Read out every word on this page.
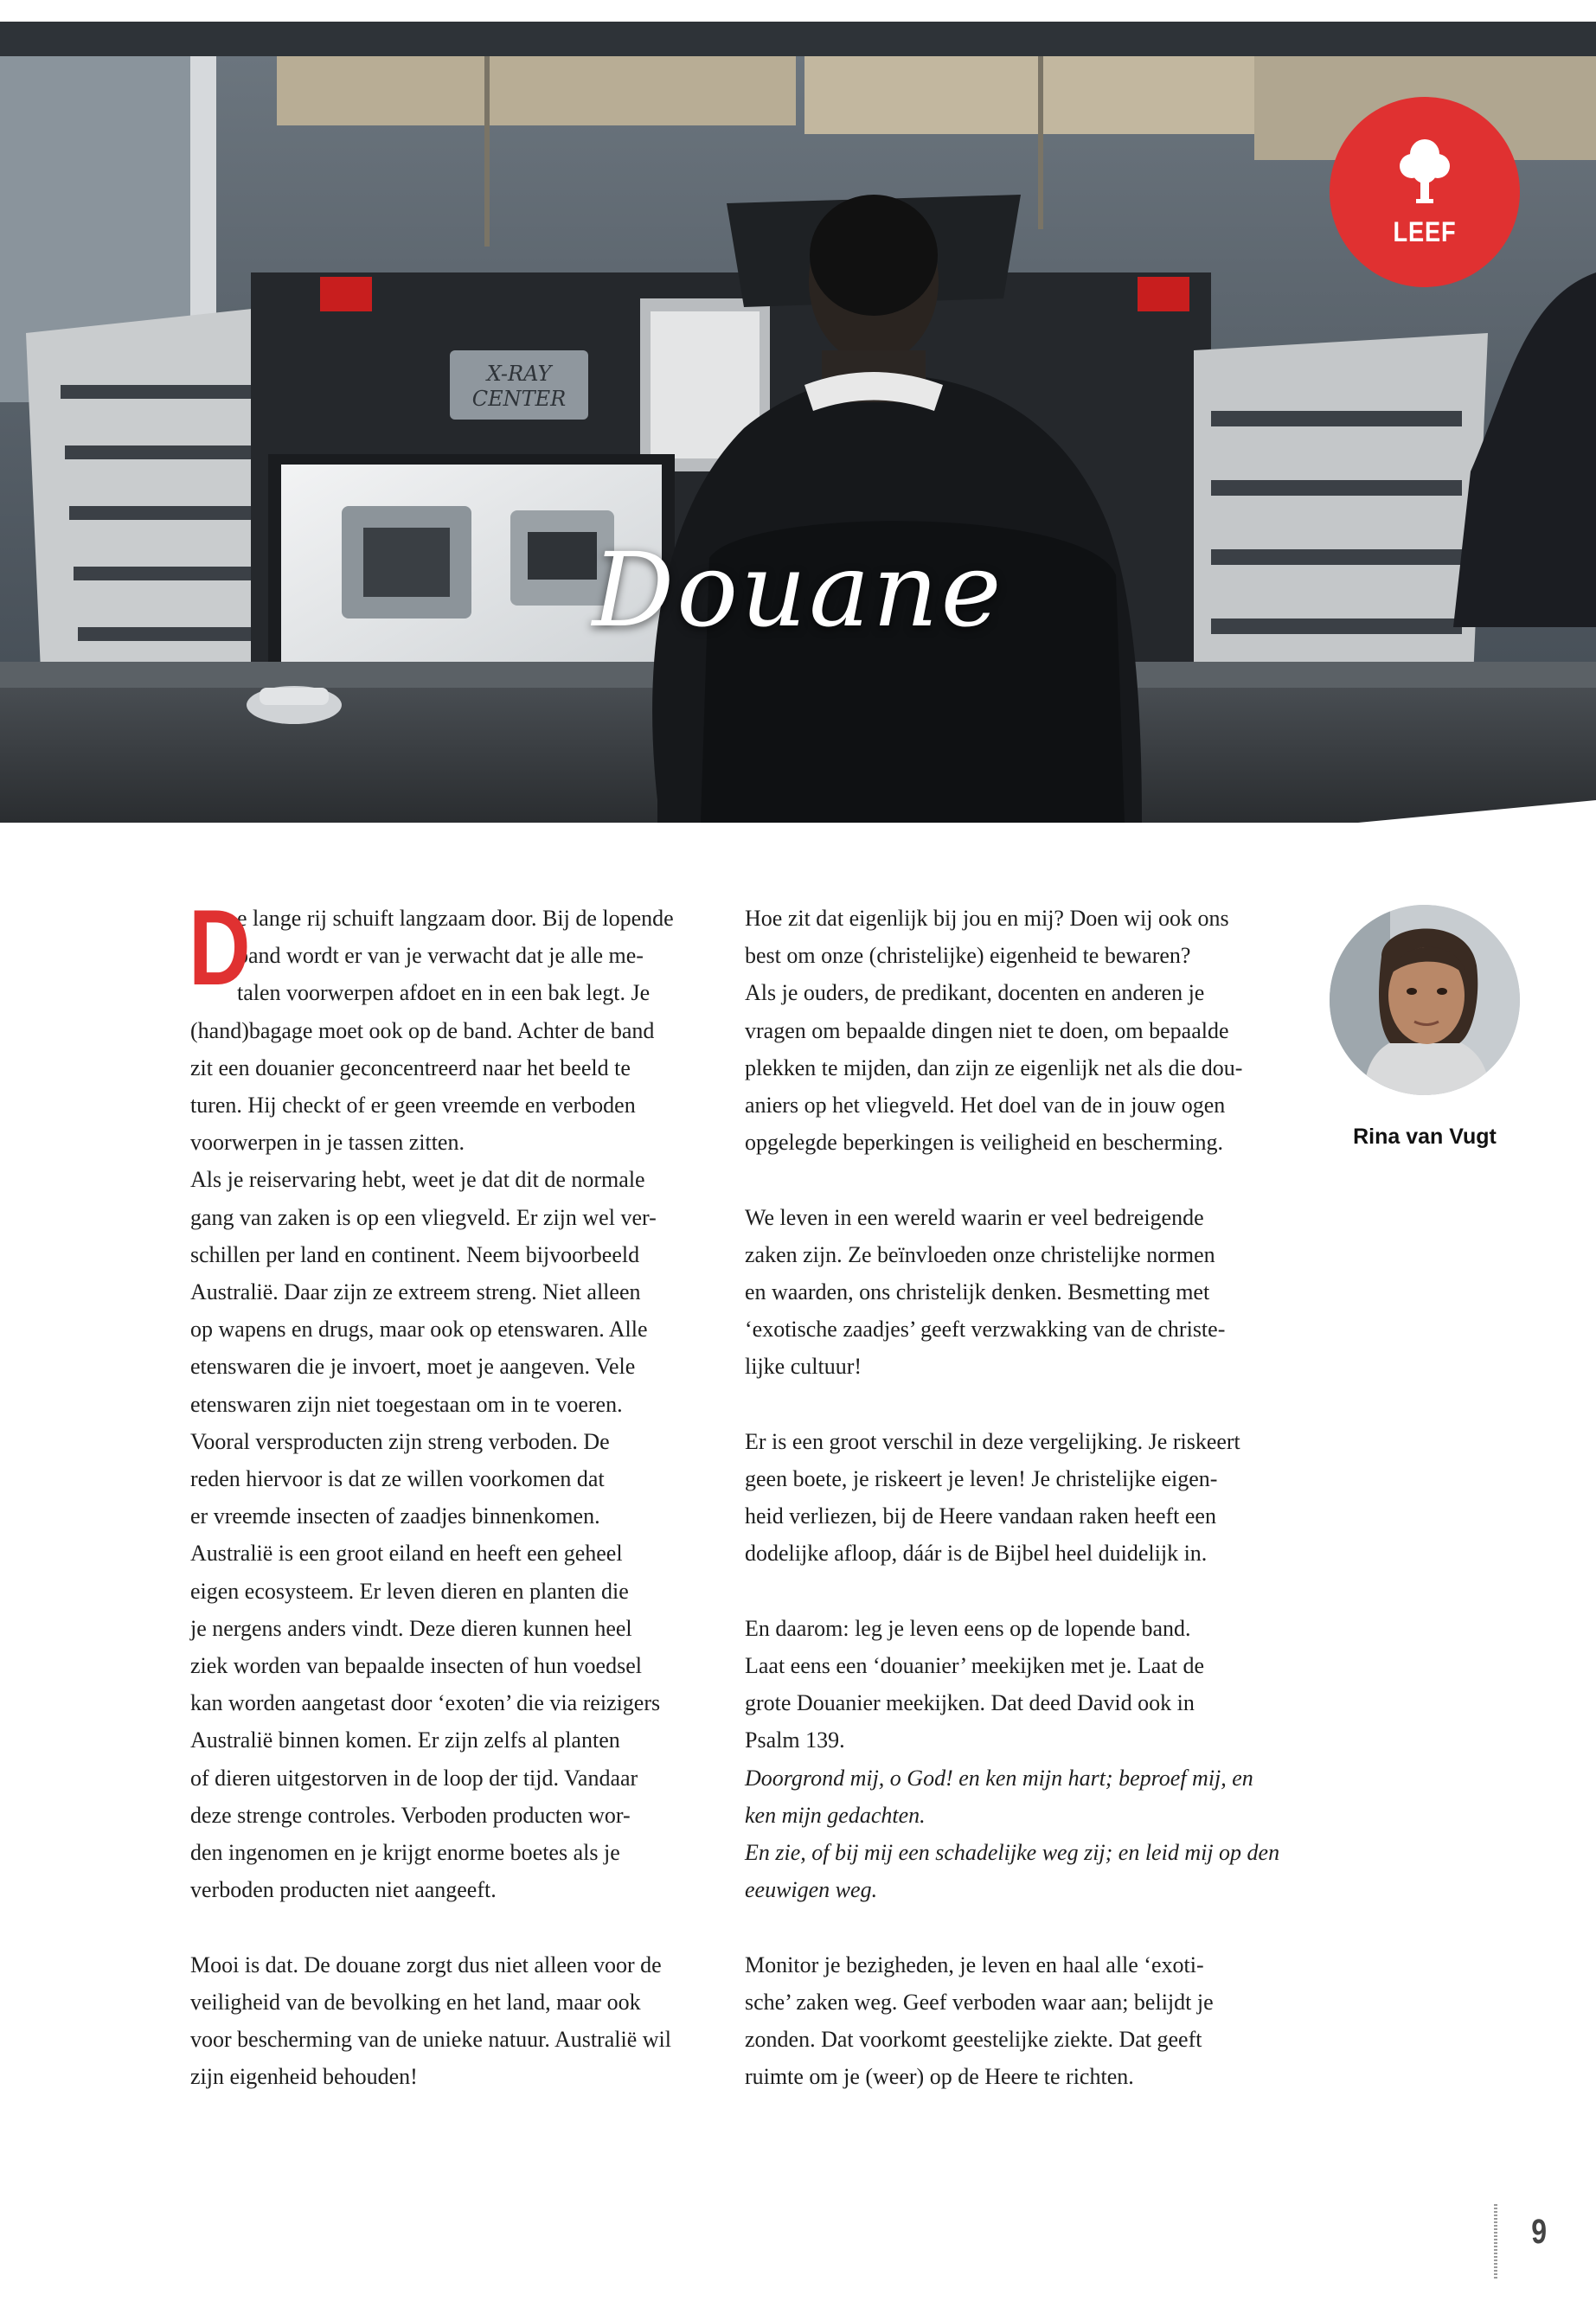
X-RAY
CENTER
Douane
LEEF
D

e lange rij schuift langzaam door. Bij de lopende
band wordt er van je verwacht dat je alle me-
talen voorwerpen afdoet en in een bak legt. Je
(hand)bagage moet ook op de band. Achter de band
zit een douanier geconcentreerd naar het beeld te
turen. Hij checkt of er geen vreemde en verboden
voorwerpen in je tassen zitten.

Als je reiservaring hebt, weet je dat dit de normale
gang van zaken is op een vliegveld. Er zijn wel ver-
schillen per land en continent. Neem bijvoorbeeld
Australië. Daar zijn ze extreem streng. Niet alleen
op wapens en drugs, maar ook op etenswaren. Alle
etenswaren die je invoert, moet je aangeven. Vele
etenswaren zijn niet toegestaan om in te voeren.
Vooral versproducten zijn streng verboden. De
reden hiervoor is dat ze willen voorkomen dat
er vreemde insecten of zaadjes binnenkomen.
Australië is een groot eiland en heeft een geheel
eigen ecosysteem. Er leven dieren en planten die
je nergens anders vindt. Deze dieren kunnen heel
ziek worden van bepaalde insecten of hun voedsel
kan worden aangetast door ‘exoten’ die via reizigers
Australië binnen komen. Er zijn zelfs al planten
of dieren uitgestorven in de loop der tijd. Vandaar
deze strenge controles. Verboden producten wor-
den ingenomen en je krijgt enorme boetes als je
verboden producten niet aangeeft.

Mooi is dat. De douane zorgt dus niet alleen voor de
veiligheid van de bevolking en het land, maar ook
voor bescherming van de unieke natuur. Australië wil
zijn eigenheid behouden!

Hoe zit dat eigenlijk bij jou en mij? Doen wij ook ons
best om onze (christelijke) eigenheid te bewaren?

Als je ouders, de predikant, docenten en anderen je
vragen om bepaalde dingen niet te doen, om bepaalde
plekken te mijden, dan zijn ze eigenlijk net als die dou-
aniers op het vliegveld. Het doel van de in jouw ogen
opgelegde beperkingen is veiligheid en bescherming.

We leven in een wereld waarin er veel bedreigende
zaken zijn. Ze beïnvloeden onze christelijke normen
en waarden, ons christelijk denken. Besmetting met
‘exotische zaadjes’ geeft verzwakking van de christe-
lijke cultuur!

Er is een groot verschil in deze vergelijking. Je riskeert
geen boete, je riskeert je leven! Je christelijke eigen-
heid verliezen, bij de Heere vandaan raken heeft een
dodelijke afloop, dáár is de Bijbel heel duidelijk in.

En daarom: leg je leven eens op de lopende band.
Laat eens een ‘douanier’ meekijken met je. Laat de
grote Douanier meekijken. Dat deed David ook in
Psalm 139.

Doorgrond mij, o God! en ken mijn hart; beproef mij, en
ken mijn gedachten.

En zie, of bij mij een schadelijke weg zij; en leid mij op den
eeuwigen weg.

Monitor je bezigheden, je leven en haal alle ‘exoti-
sche’ zaken weg. Geef verboden waar aan; belijdt je
zonden. Dat voorkomt geestelijke ziekte. Dat geeft
ruimte om je (weer) op de Heere te richten.

Rina van Vugt
9
